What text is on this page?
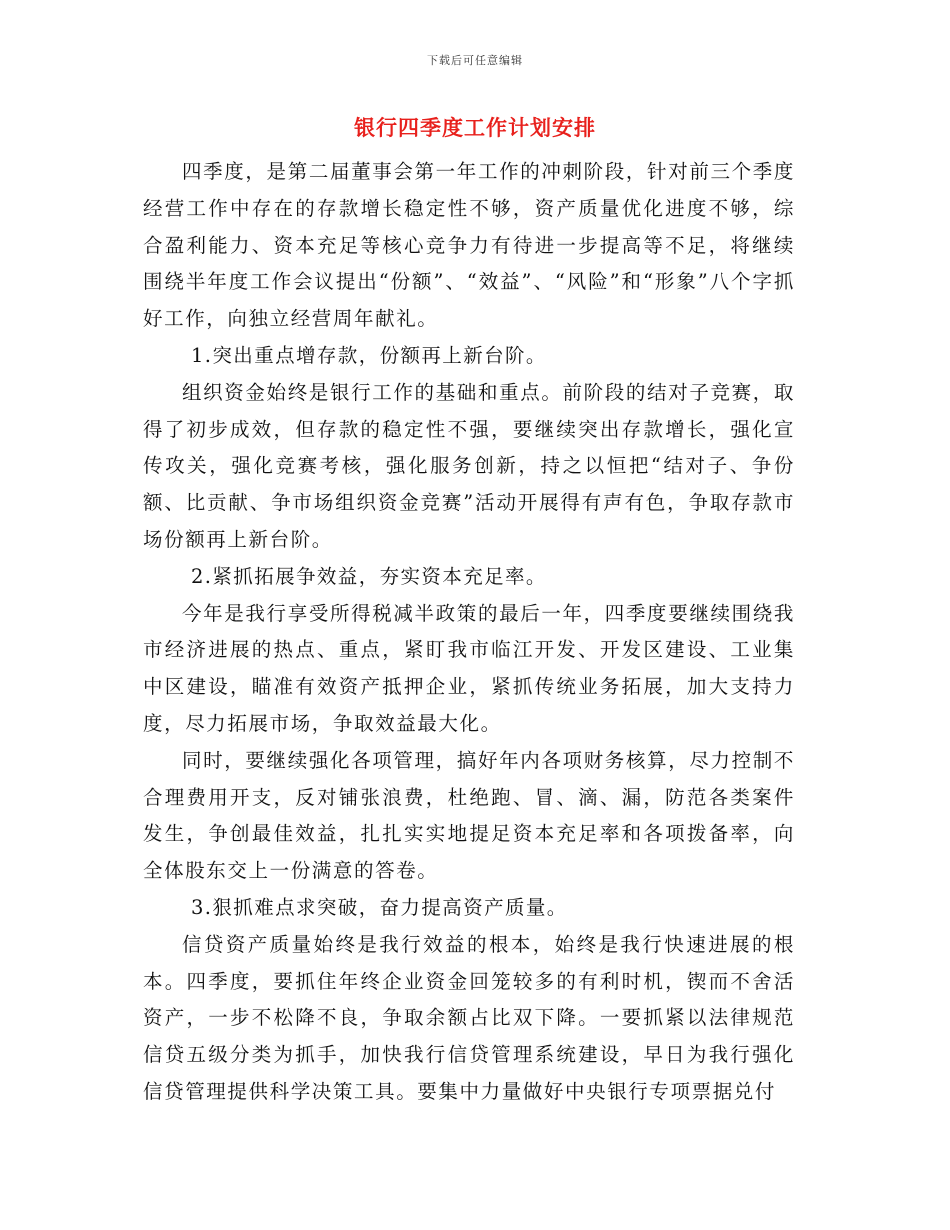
下载后可任意编辑
银行四季度工作计划安排

四季度，是第二届董事会第一年工作的冲刺阶段，针对前三个季度经营工作中存在的存款增长稳定性不够，资产质量优化进度不够，综合盈利能力、资本充足等核心竞争力有待进一步提高等不足，将继续围绕半年度工作会议提出“份额”、“效益”、“风险”和“形象”八个字抓好工作，向独立经营周年献礼。

1.突出重点增存款，份额再上新台阶。

组织资金始终是银行工作的基础和重点。前阶段的结对子竞赛，取得了初步成效，但存款的稳定性不强，要继续突出存款增长，强化宣传攻关，强化竞赛考核，强化服务创新，持之以恒把“结对子、争份额、比贡献、争市场组织资金竞赛”活动开展得有声有色，争取存款市场份额再上新台阶。

2.紧抓拓展争效益，夯实资本充足率。

今年是我行享受所得税减半政策的最后一年，四季度要继续围绕我市经济进展的热点、重点，紧盯我市临江开发、开发区建设、工业集中区建设，瞄准有效资产抵押企业，紧抓传统业务拓展，加大支持力度，尽力拓展市场，争取效益最大化。

同时，要继续强化各项管理，搞好年内各项财务核算，尽力控制不合理费用开支，反对铺张浪费，杜绝跑、冒、滴、漏，防范各类案件发生，争创最佳效益，扎扎实实地提足资本充足率和各项拨备率，向全体股东交上一份满意的答卷。

3.狠抓难点求突破，奋力提高资产质量。

信贷资产质量始终是我行效益的根本，始终是我行快速进展的根本。四季度，要抓住年终企业资金回笼较多的有利时机，锲而不舍活资产，一步不松降不良，争取余额占比双下降。一要抓紧以法律规范信贷五级分类为抓手，加快我行信贷管理系统建设，早日为我行强化信贷管理提供科学决策工具。要集中力量做好中央银行专项票据兑付
